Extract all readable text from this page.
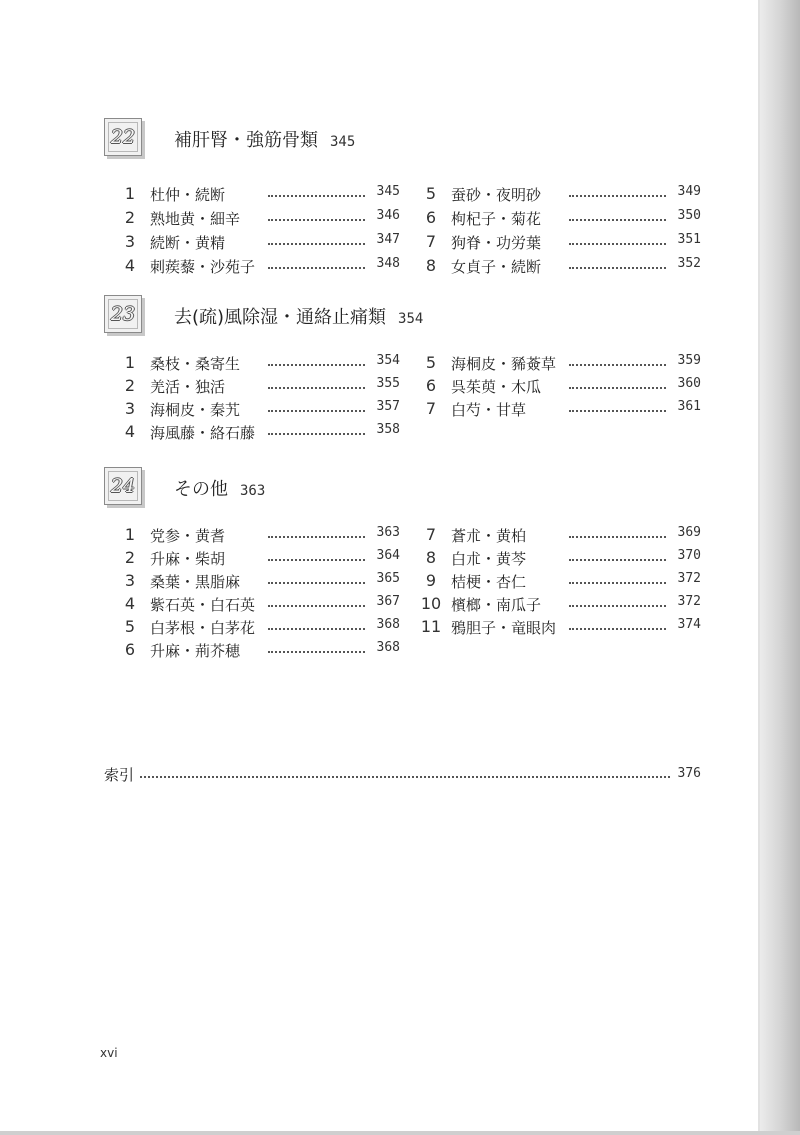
22 補肝腎・強筋骨類 345
1 杜仲・続断	345
2 熟地黄・細辛	346
3 続断・黄精	347
4 刺蒺藜・沙苑子	348
5 蚕砂・夜明砂	349
6 枸杞子・菊花	350
7 狗脊・功労葉	351
8 女貞子・続断	352
23 去(疏)風除湿・通絡止痛類 354
1 桑枝・桑寄生	354
2 羌活・独活	355
3 海桐皮・秦艽	357
4 海風藤・絡石藤	358
5 海桐皮・豨薟草	359
6 呉茱萸・木瓜	360
7 白芍・甘草	361
24 その他 363
1 党参・黄耆	363
2 升麻・柴胡	364
3 桑葉・黒脂麻	365
4 紫石英・白石英	367
5 白茅根・白茅花	368
6 升麻・荊芥穂	368
7 蒼朮・黄柏	369
8 白朮・黄芩	370
9 桔梗・杏仁	372
10 檳榔・南瓜子	372
11 鴉胆子・竜眼肉	374
索引	376
xvi
